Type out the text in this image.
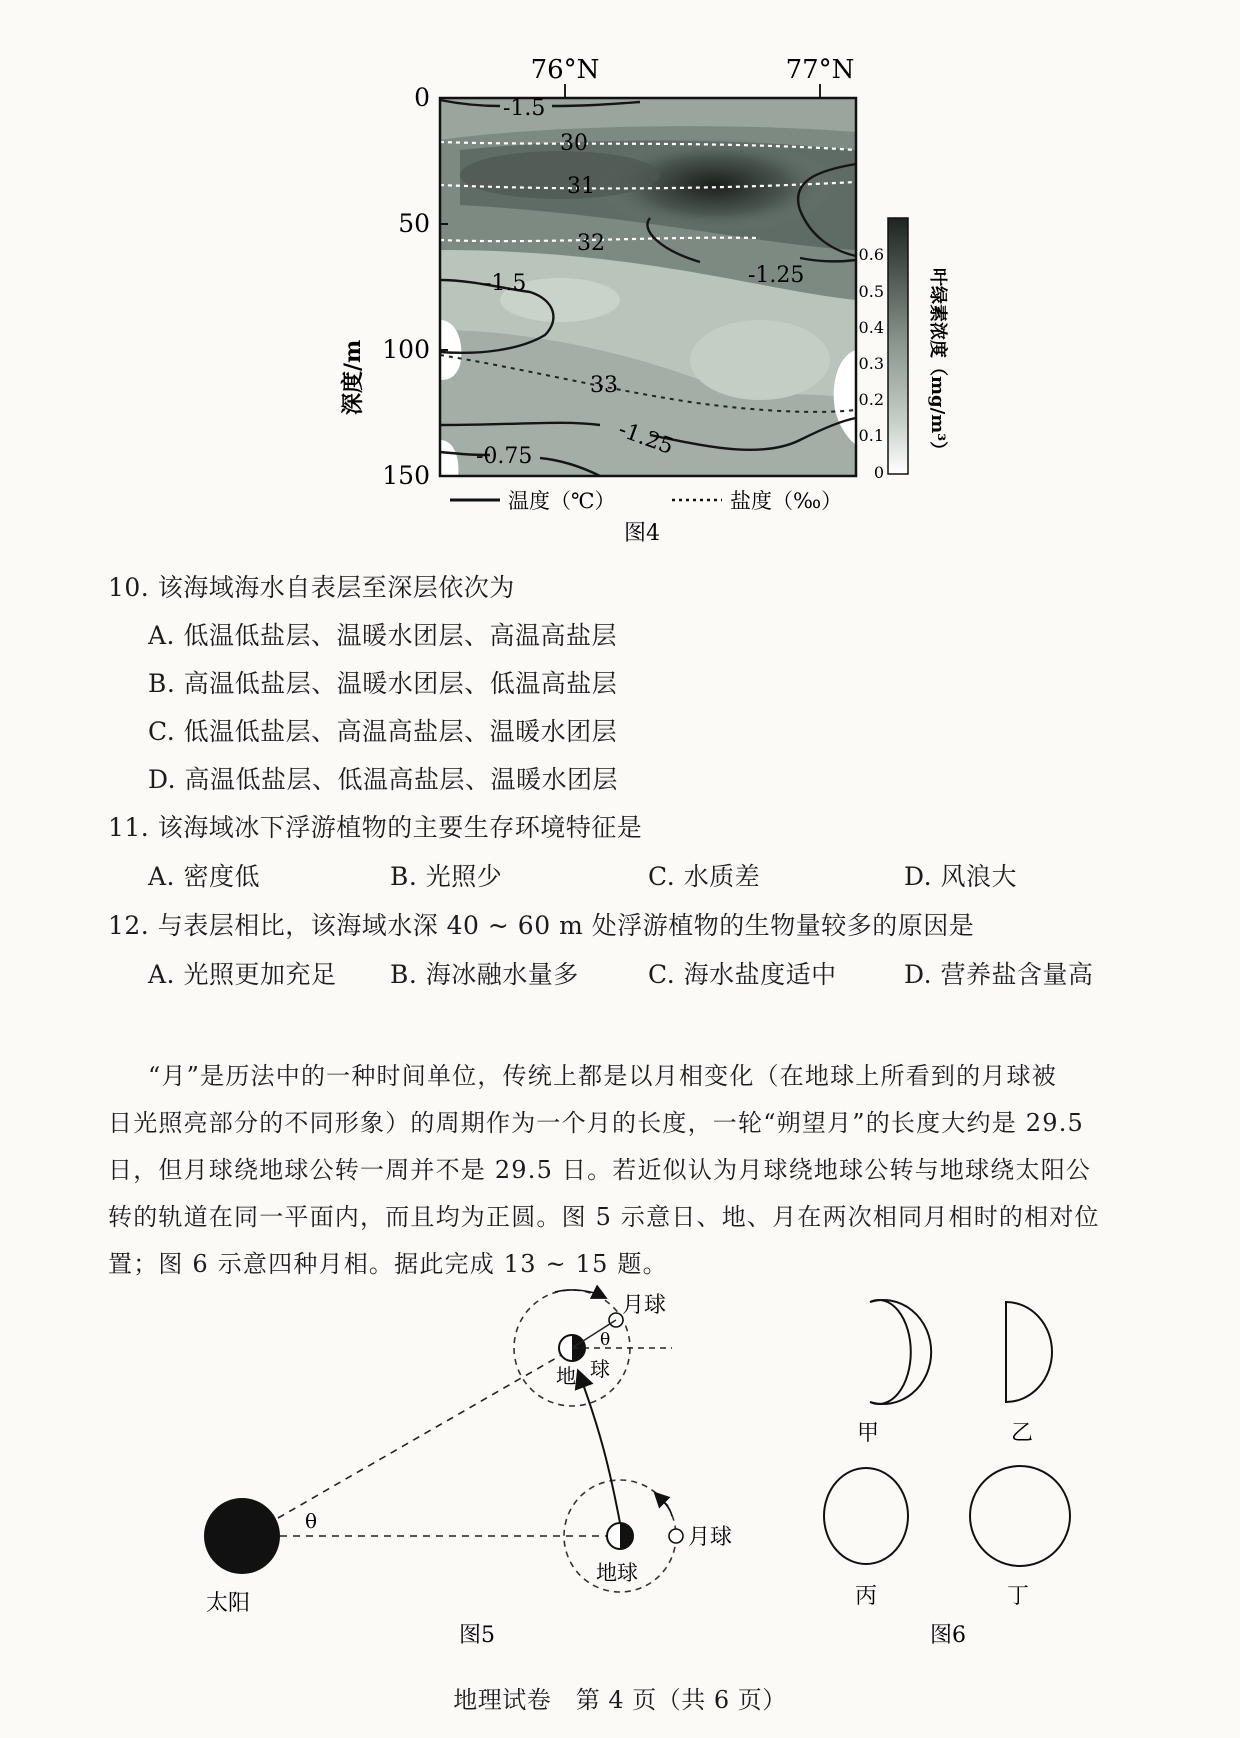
76°N	77°N
0
50
100
150
深度/m
-1.5
30
31
32
-1.5	-1.25
33
-1.25
-0.75
0.6
0.5
0.4
0.3
0.2
0.1
0
叶绿素浓度（mg/m³）
温度（℃）	盐度（‰）
图4
10. 该海域海水自表层至深层依次为
A. 低温低盐层、温暖水团层、高温高盐层
B. 高温低盐层、温暖水团层、低温高盐层
C. 低温低盐层、高温高盐层、温暖水团层
D. 高温低盐层、低温高盐层、温暖水团层
11. 该海域冰下浮游植物的主要生存环境特征是
A. 密度低	B. 光照少	C. 水质差	D. 风浪大
12. 与表层相比，该海域水深 40 ~ 60 m 处浮游植物的生物量较多的原因是
A. 光照更加充足 B. 海冰融水量多	C. 海水盐度适中	D. 营养盐含量高
“月”是历法中的一种时间单位，传统上都是以月相变化（在地球上所看到的月球被
日光照亮部分的不同形象）的周期作为一个月的长度，一轮“朔望月”的长度大约是 29.5
日，但月球绕地球公转一周并不是 29.5 日。若近似认为月球绕地球公转与地球绕太阳公
转的轨道在同一平面内，而且均为正圆。图 5 示意日、地、月在两次相同月相时的相对位
置；图 6 示意四种月相。据此完成 13 ~ 15 题。
太阳
θ
θ
月球
地 球
月球
地球
图5
甲	乙
丙	丁
图6
地理试卷　第 4 页（共 6 页）
